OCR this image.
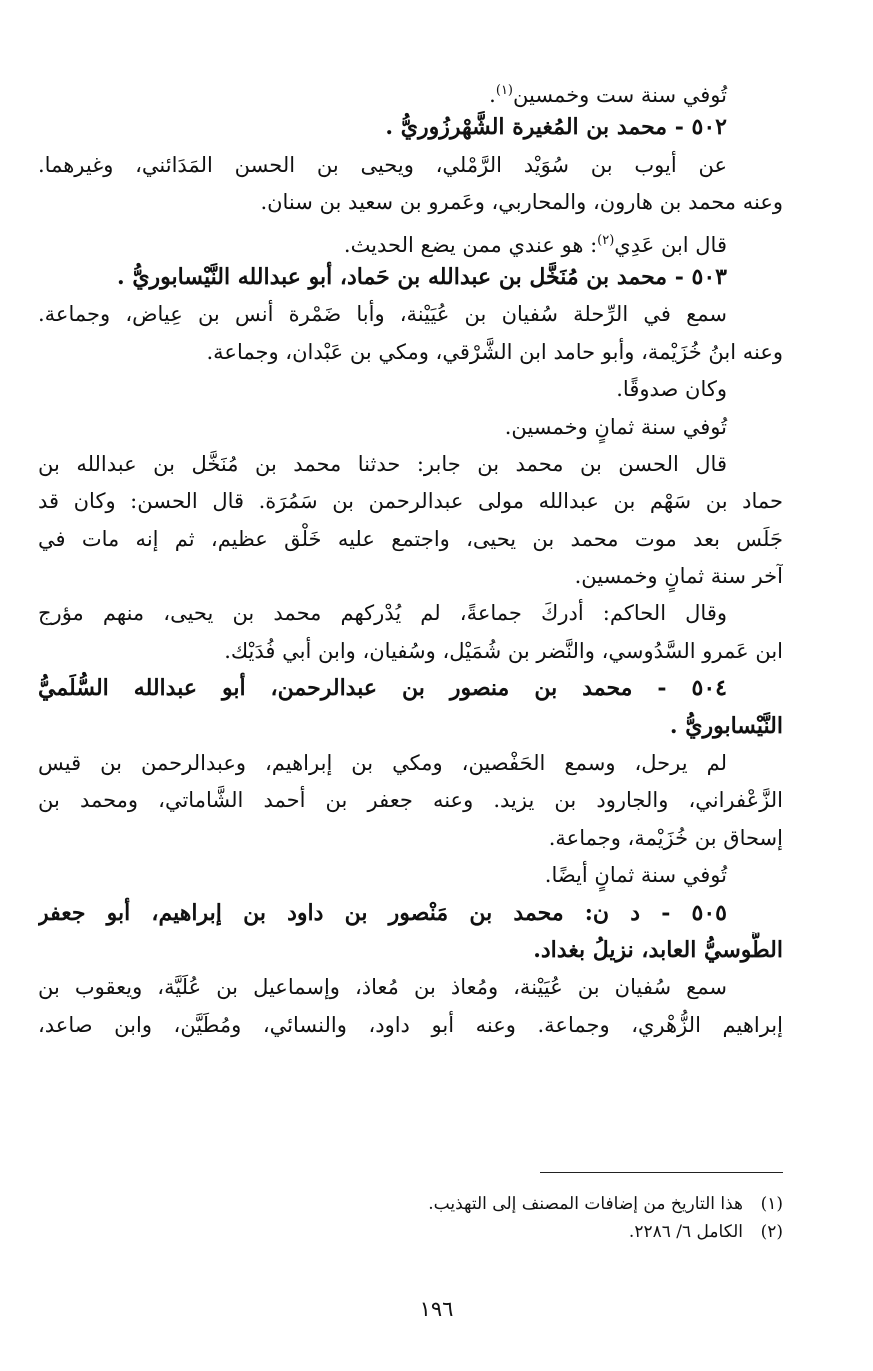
تُوفي سنة ست وخمسين$^{(١)}$.
٥٠٢ - محمد بن المُغيرة الشَّهْرزُوريُّ .
عن أيوب بن سُوَيْد الرَّمْلي، ويحيى بن الحسن المَدَائني، وغيرهما.
وعنه محمد بن هارون، والمحاربي، وعَمرو بن سعيد بن سنان.
قال ابن عَدِي$^{(٢)}$: هو عندي ممن يضع الحديث.
٥٠٣ - محمد بن مُنَخَّل بن عبدالله بن حَماد، أبو عبدالله النَّيْسابوريُّ .
سمع في الرِّحلة سُفيان بن عُيَيْنة، وأبا ضَمْرة أنس بن عِياض، وجماعة.
وعنه ابنُ خُزَيْمة، وأبو حامد ابن الشَّرْقي، ومكي بن عَبْدان، وجماعة.
وكان صدوقًا.
تُوفي سنة ثمانٍ وخمسين.
قال الحسن بن محمد بن جابر: حدثنا محمد بن مُنَخَّل بن عبدالله بن
حماد بن سَهْم بن عبدالله مولى عبدالرحمن بن سَمُرَة. قال الحسن: وكان قد
جَلَس بعد موت محمد بن يحيى، واجتمع عليه خَلْق عظيم، ثم إنه مات في
آخر سنة ثمانٍ وخمسين.
وقال الحاكم: أدركَ جماعةً، لم يُدْركهم محمد بن يحيى، منهم مؤرج
ابن عَمرو السَّدُوسي، والنَّضر بن شُمَيْل، وسُفيان، وابن أبي فُدَيْك.
٥٠٤ - محمد بن منصور بن عبدالرحمن، أبو عبدالله السُّلَميُّ
النَّيْسابوريُّ .
لم يرحل، وسمع الحَفْصين، ومكي بن إبراهيم، وعبدالرحمن بن قيس
الزَّعْفراني، والجارود بن يزيد. وعنه جعفر بن أحمد الشَّاماتي، ومحمد بن
إسحاق بن خُزَيْمة، وجماعة.
تُوفي سنة ثمانٍ أيضًا.
٥٠٥ - د ن: محمد بن مَنْصور بن داود بن إبراهيم، أبو جعفر
الطُّوسيُّ العابد، نزيلُ بغداد.
سمع سُفيان بن عُيَيْنة، ومُعاذ بن مُعاذ، وإسماعيل بن عُلَيَّة، ويعقوب بن
إبراهيم الزُّهْري، وجماعة. وعنه أبو داود، والنسائي، ومُطَيَّن، وابن صاعد،
(١)هذا التاريخ من إضافات المصنف إلى التهذيب.
(٢)الكامل ٦/ ٢٢٨٦.
١٩٦
